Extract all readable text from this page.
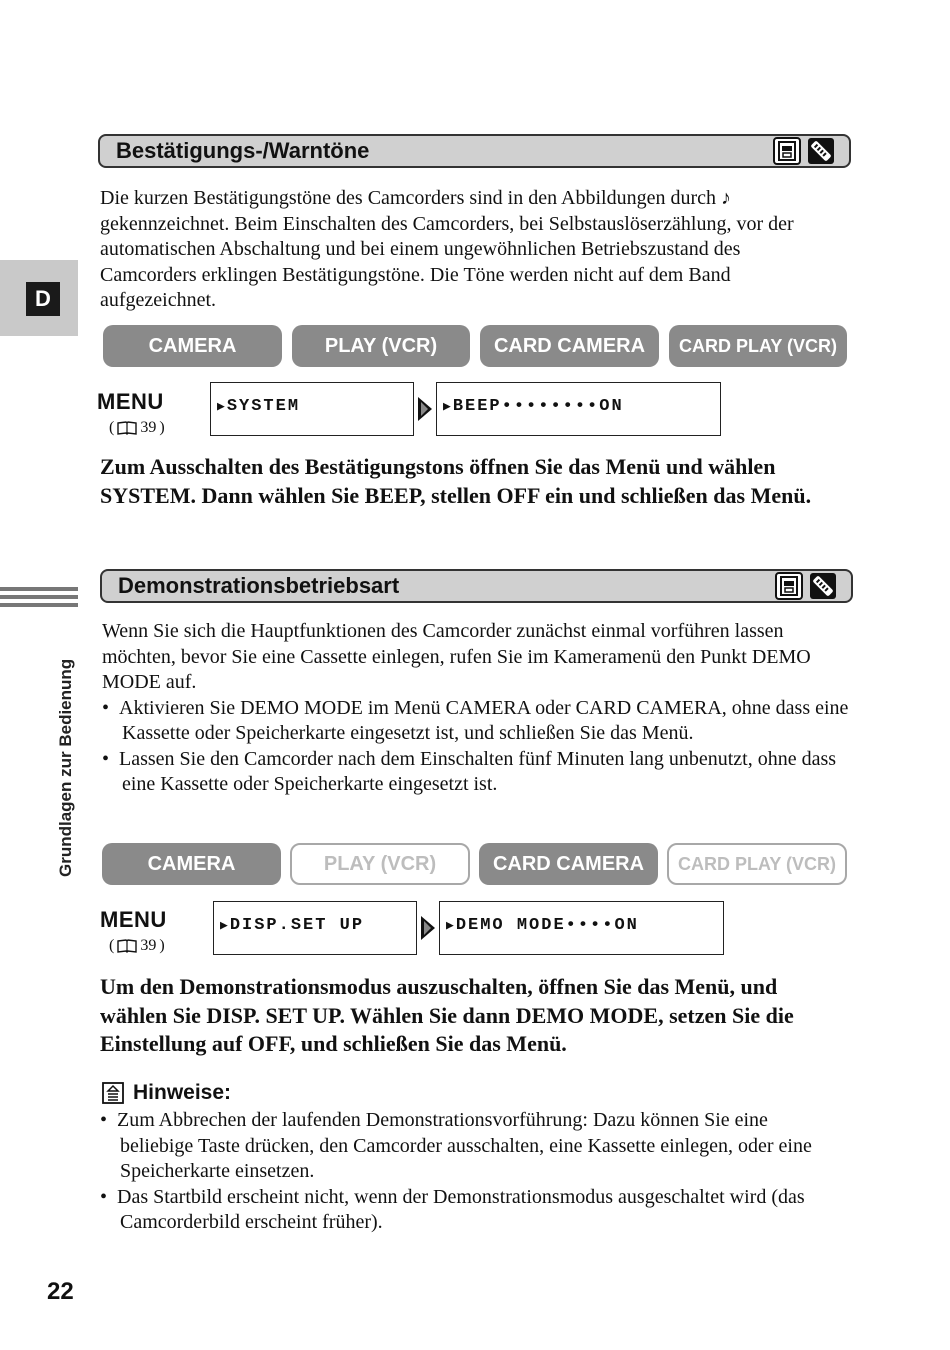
D
Grundlagen zur Bedienung
Bestätigungs-/Warntöne
Die kurzen Bestätigungstöne des Camcorders sind in den Abbildungen durch ♪ gekennzeichnet. Beim Einschalten des Camcorders, bei Selbstauslöserzählung, vor der automatischen Abschaltung und bei einem ungewöhnlichen Betriebszustand des Camcorders erklingen Bestätigungstöne. Die Töne werden nicht auf dem Band aufgezeichnet.
CAMERA	PLAY (VCR)	CARD CAMERA	CARD PLAY (VCR)
MENU
( 39 )
▶SYSTEM	▶BEEP••••••••ON
Zum Ausschalten des Bestätigungstons öffnen Sie das Menü und wählen SYSTEM. Dann wählen Sie BEEP, stellen OFF ein und schließen das Menü.
Demonstrationsbetriebsart
Wenn Sie sich die Hauptfunktionen des Camcorder zunächst einmal vorführen lassen möchten, bevor Sie eine Cassette einlegen, rufen Sie im Kameramenü den Punkt DEMO MODE auf.
•  Aktivieren Sie DEMO MODE im Menü CAMERA oder CARD CAMERA, ohne dass eine Kassette oder Speicherkarte eingesetzt ist, und schließen Sie das Menü.
•  Lassen Sie den Camcorder nach dem Einschalten fünf Minuten lang unbenutzt, ohne dass eine Kassette oder Speicherkarte eingesetzt ist.
CAMERA	PLAY (VCR)	CARD CAMERA	CARD PLAY (VCR)
MENU
( 39 )
▶DISP.SET UP	▶DEMO MODE••••ON
Um den Demonstrationsmodus auszuschalten, öffnen Sie das Menü, und wählen Sie DISP. SET UP. Wählen Sie dann DEMO MODE, setzen Sie die Einstellung auf OFF, und schließen Sie das Menü.
Hinweise:
•  Zum Abbrechen der laufenden Demonstrationsvorführung: Dazu können Sie eine beliebige Taste drücken, den Camcorder ausschalten, eine Kassette einlegen, oder eine Speicherkarte einsetzen.
•  Das Startbild erscheint nicht, wenn der Demonstrationsmodus ausgeschaltet wird (das Camcorderbild erscheint früher).
22
